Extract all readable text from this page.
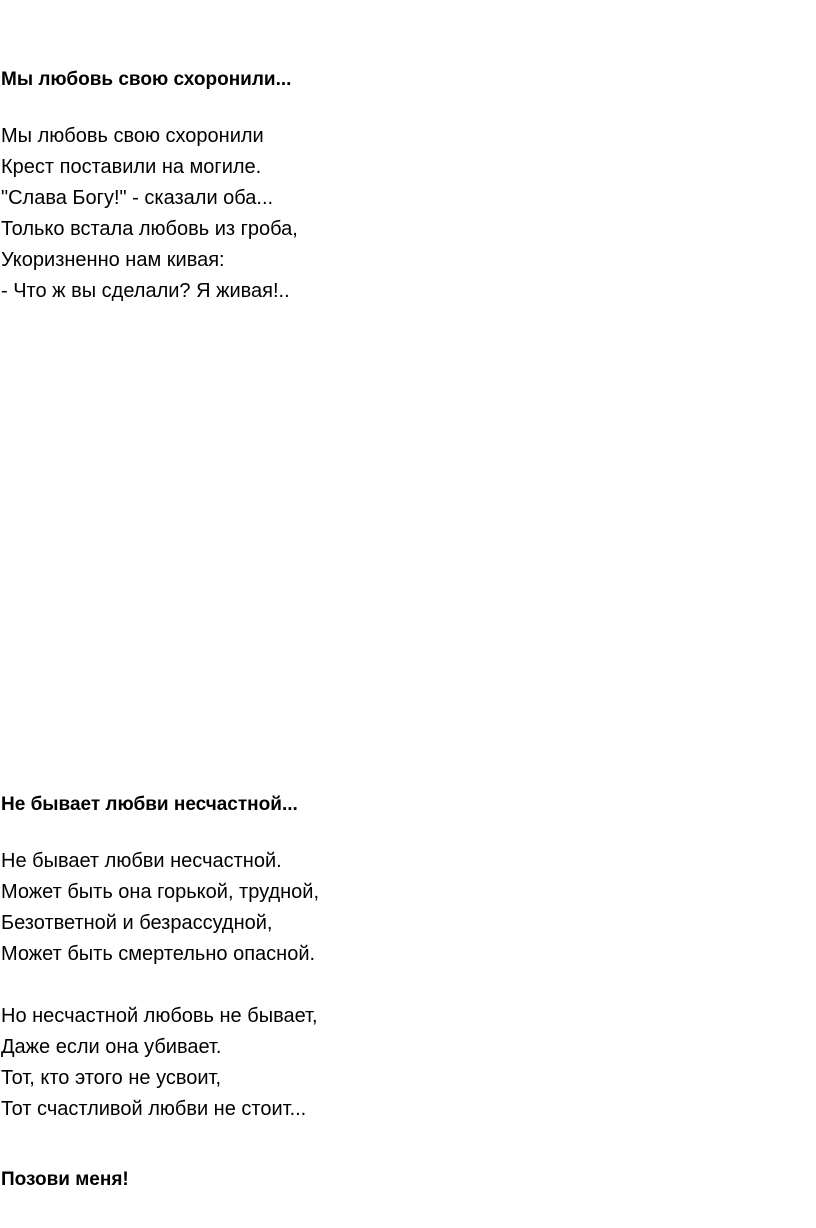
Мы любовь свою схоронили...

Мы любовь свою схоронили
Крест поставили на могиле.
"Слава Богу!" - сказали оба...
Только встала любовь из гроба,
Укоризненно нам кивая:
- Что ж вы сделали? Я живая!..

Не бывает любви несчастной...

Не бывает любви несчастной.
Может быть она горькой, трудной,
Безответной и безрассудной,
Может быть смертельно опасной.
Но несчастной любовь не бывает,
Даже если она убивает.
Тот, кто этого не усвоит,
Тот счастливой любви не стоит...

Позови меня!
